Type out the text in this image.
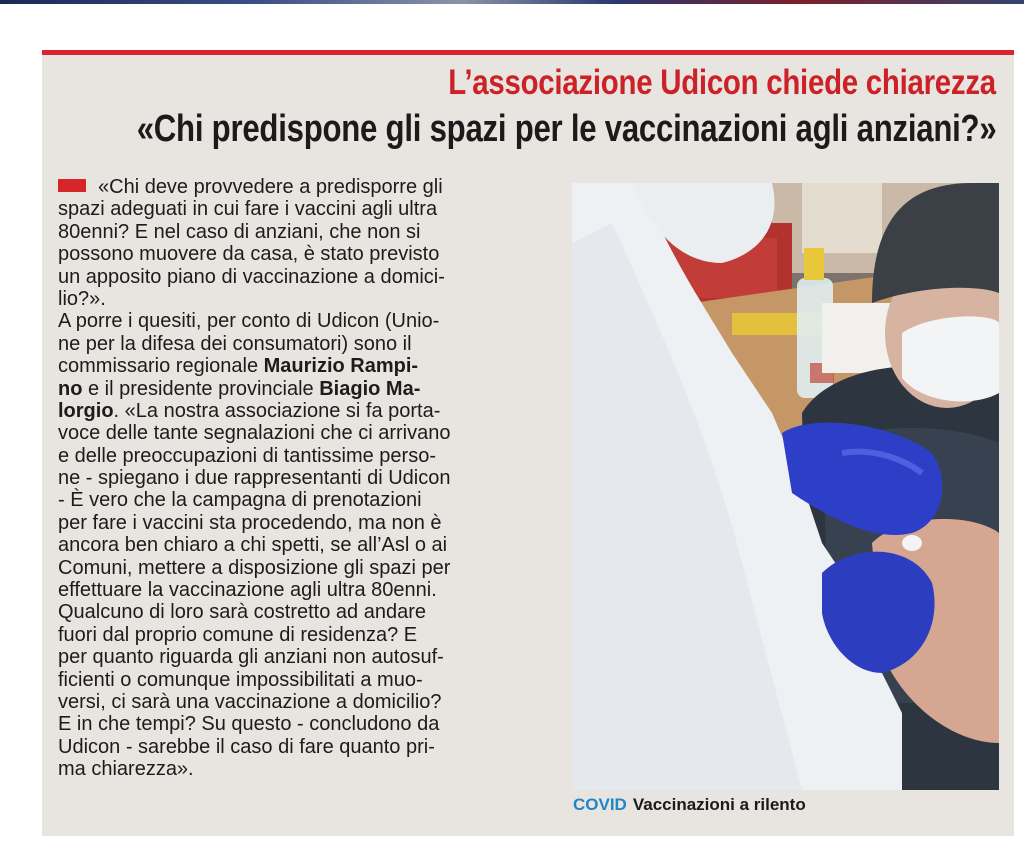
L’associazione Udicon chiede chiarezza
«Chi predispone gli spazi per le vaccinazioni agli anziani?»
«Chi deve provvedere a predisporre gli
spazi adeguati in cui fare i vaccini agli ultra
80enni? E nel caso di anziani, che non si
possono muovere da casa, è stato previsto
un apposito piano di vaccinazione a domici-
lio?».
A porre i quesiti, per conto di Udicon (Unio-
ne per la difesa dei consumatori) sono il
commissario regionale Maurizio Rampi-
no e il presidente provinciale Biagio Ma-
lorgio. «La nostra associazione si fa porta-
voce delle tante segnalazioni che ci arrivano
e delle preoccupazioni di tantissime perso-
ne - spiegano i due rappresentanti di Udicon
- È vero che la campagna di prenotazioni
per fare i vaccini sta procedendo, ma non è
ancora ben chiaro a chi spetti, se all’Asl o ai
Comuni, mettere a disposizione gli spazi per
effettuare la vaccinazione agli ultra 80enni.
Qualcuno di loro sarà costretto ad andare
fuori dal proprio comune di residenza? E
per quanto riguarda gli anziani non autosuf-
ficienti o comunque impossibilitati a muo-
versi, ci sarà una vaccinazione a domicilio?
E in che tempi? Su questo - concludono da
Udicon - sarebbe il caso di fare quanto pri-
ma chiarezza».
COVID Vaccinazioni a rilento
